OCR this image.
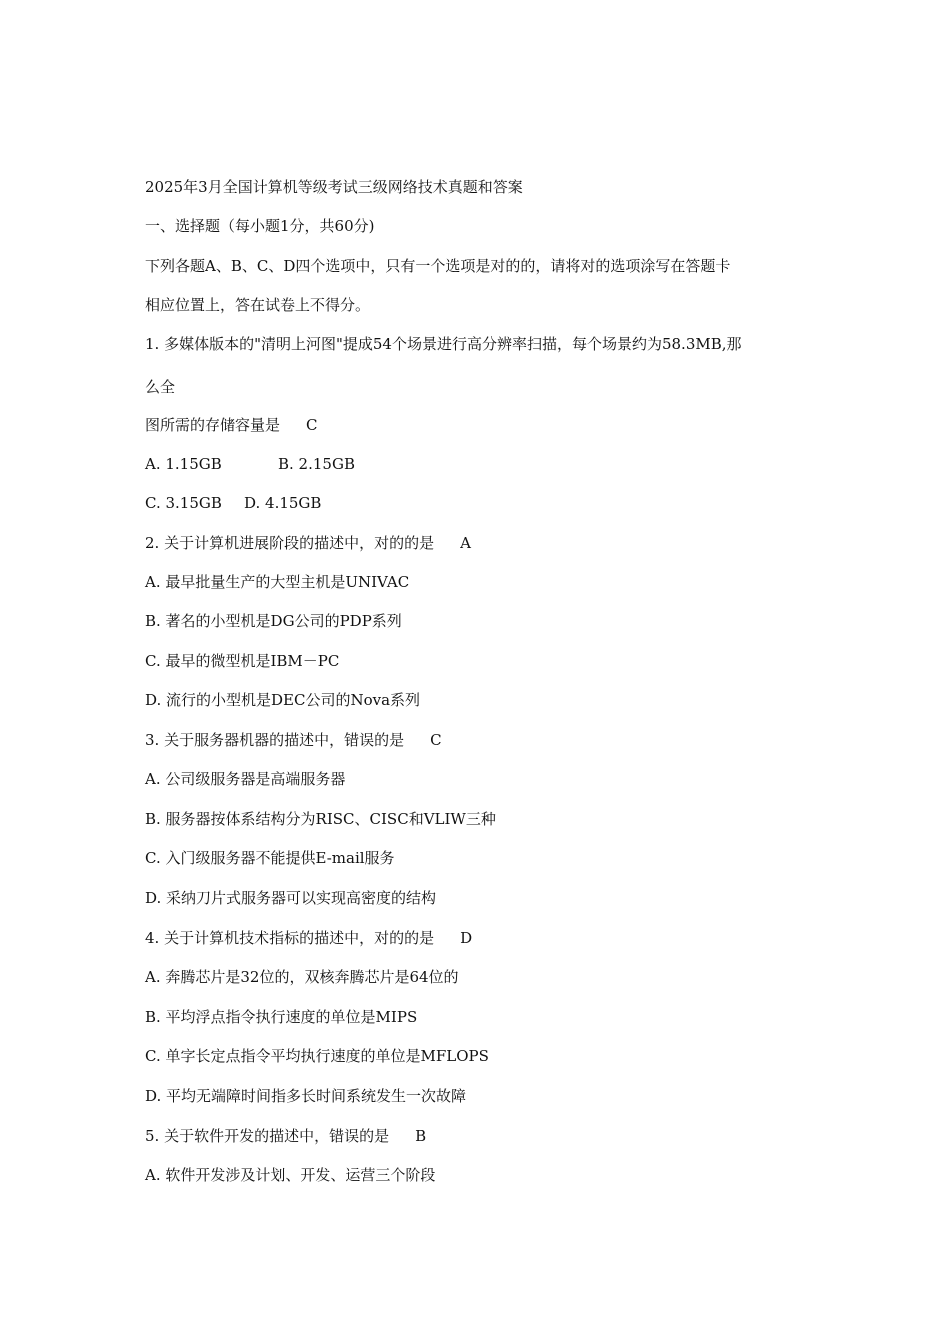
2025年3月全国计算机等级考试三级网络技术真题和答案
一、选择题（每小题1分，共60分)
下列各题A、B、C、D四个选项中，只有一个选项是对的的，请将对的选项涂写在答题卡
相应位置上，答在试卷上不得分。
1. 多媒体版本的"清明上河图"提成54个场景进行高分辨率扫描，每个场景约为58.3MB,那
么全
图所需的存储容量是 C
A. 1.15GB	B. 2.15GB
C. 3.15GB D. 4.15GB
2. 关于计算机进展阶段的描述中，对的的是 A
A. 最早批量生产的大型主机是UNIVAC
B. 著名的小型机是DG公司的PDP系列
C. 最早的微型机是IBM－PC
D. 流行的小型机是DEC公司的Nova系列
3. 关于服务器机器的描述中，错误的是 C
A. 公司级服务器是高端服务器
B. 服务器按体系结构分为RISC、CISC和VLIW三种
C. 入门级服务器不能提供E-mail服务
D. 采纳刀片式服务器可以实现高密度的结构
4. 关于计算机技术指标的描述中，对的的是 D
A. 奔腾芯片是32位的，双核奔腾芯片是64位的
B. 平均浮点指令执行速度的单位是MIPS
C. 单字长定点指令平均执行速度的单位是MFLOPS
D. 平均无端障时间指多长时间系统发生一次故障
5. 关于软件开发的描述中，错误的是 B
A. 软件开发涉及计划、开发、运营三个阶段
